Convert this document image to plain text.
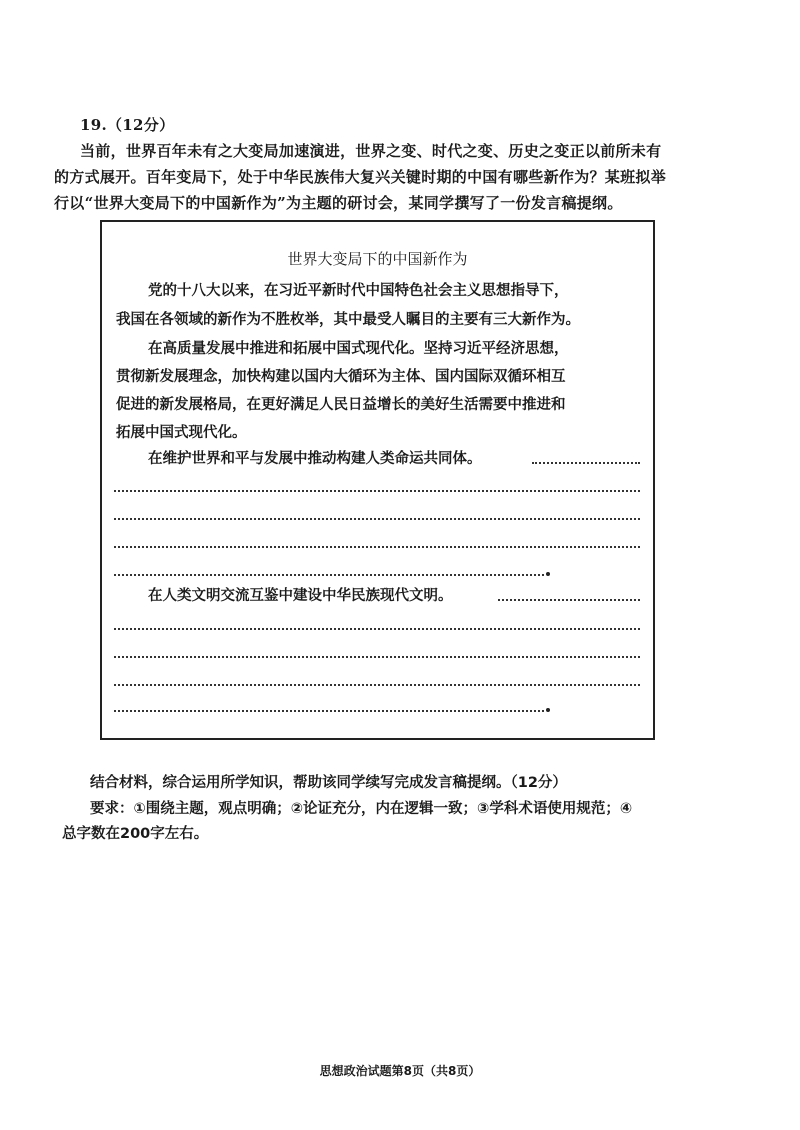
19.（12分）
当前，世界百年未有之大变局加速演进，世界之变、时代之变、历史之变正以前所未有
的方式展开。百年变局下，处于中华民族伟大复兴关键时期的中国有哪些新作为？某班拟举
行以“世界大变局下的中国新作为”为主题的研讨会，某同学撰写了一份发言稿提纲。
世界大变局下的中国新作为
党的十八大以来，在习近平新时代中国特色社会主义思想指导下，
我国在各领域的新作为不胜枚举，其中最受人瞩目的主要有三大新作为。
在高质量发展中推进和拓展中国式现代化。坚持习近平经济思想，
贯彻新发展理念，加快构建以国内大循环为主体、国内国际双循环相互
促进的新发展格局，在更好满足人民日益增长的美好生活需要中推进和
拓展中国式现代化。
在维护世界和平与发展中推动构建人类命运共同体。
在人类文明交流互鉴中建设中华民族现代文明。
结合材料，综合运用所学知识，帮助该同学续写完成发言稿提纲。（12分）
要求：①围绕主题，观点明确；②论证充分，内在逻辑一致；③学科术语使用规范；④
总字数在200字左右。
思想政治试题第8页（共8页）
